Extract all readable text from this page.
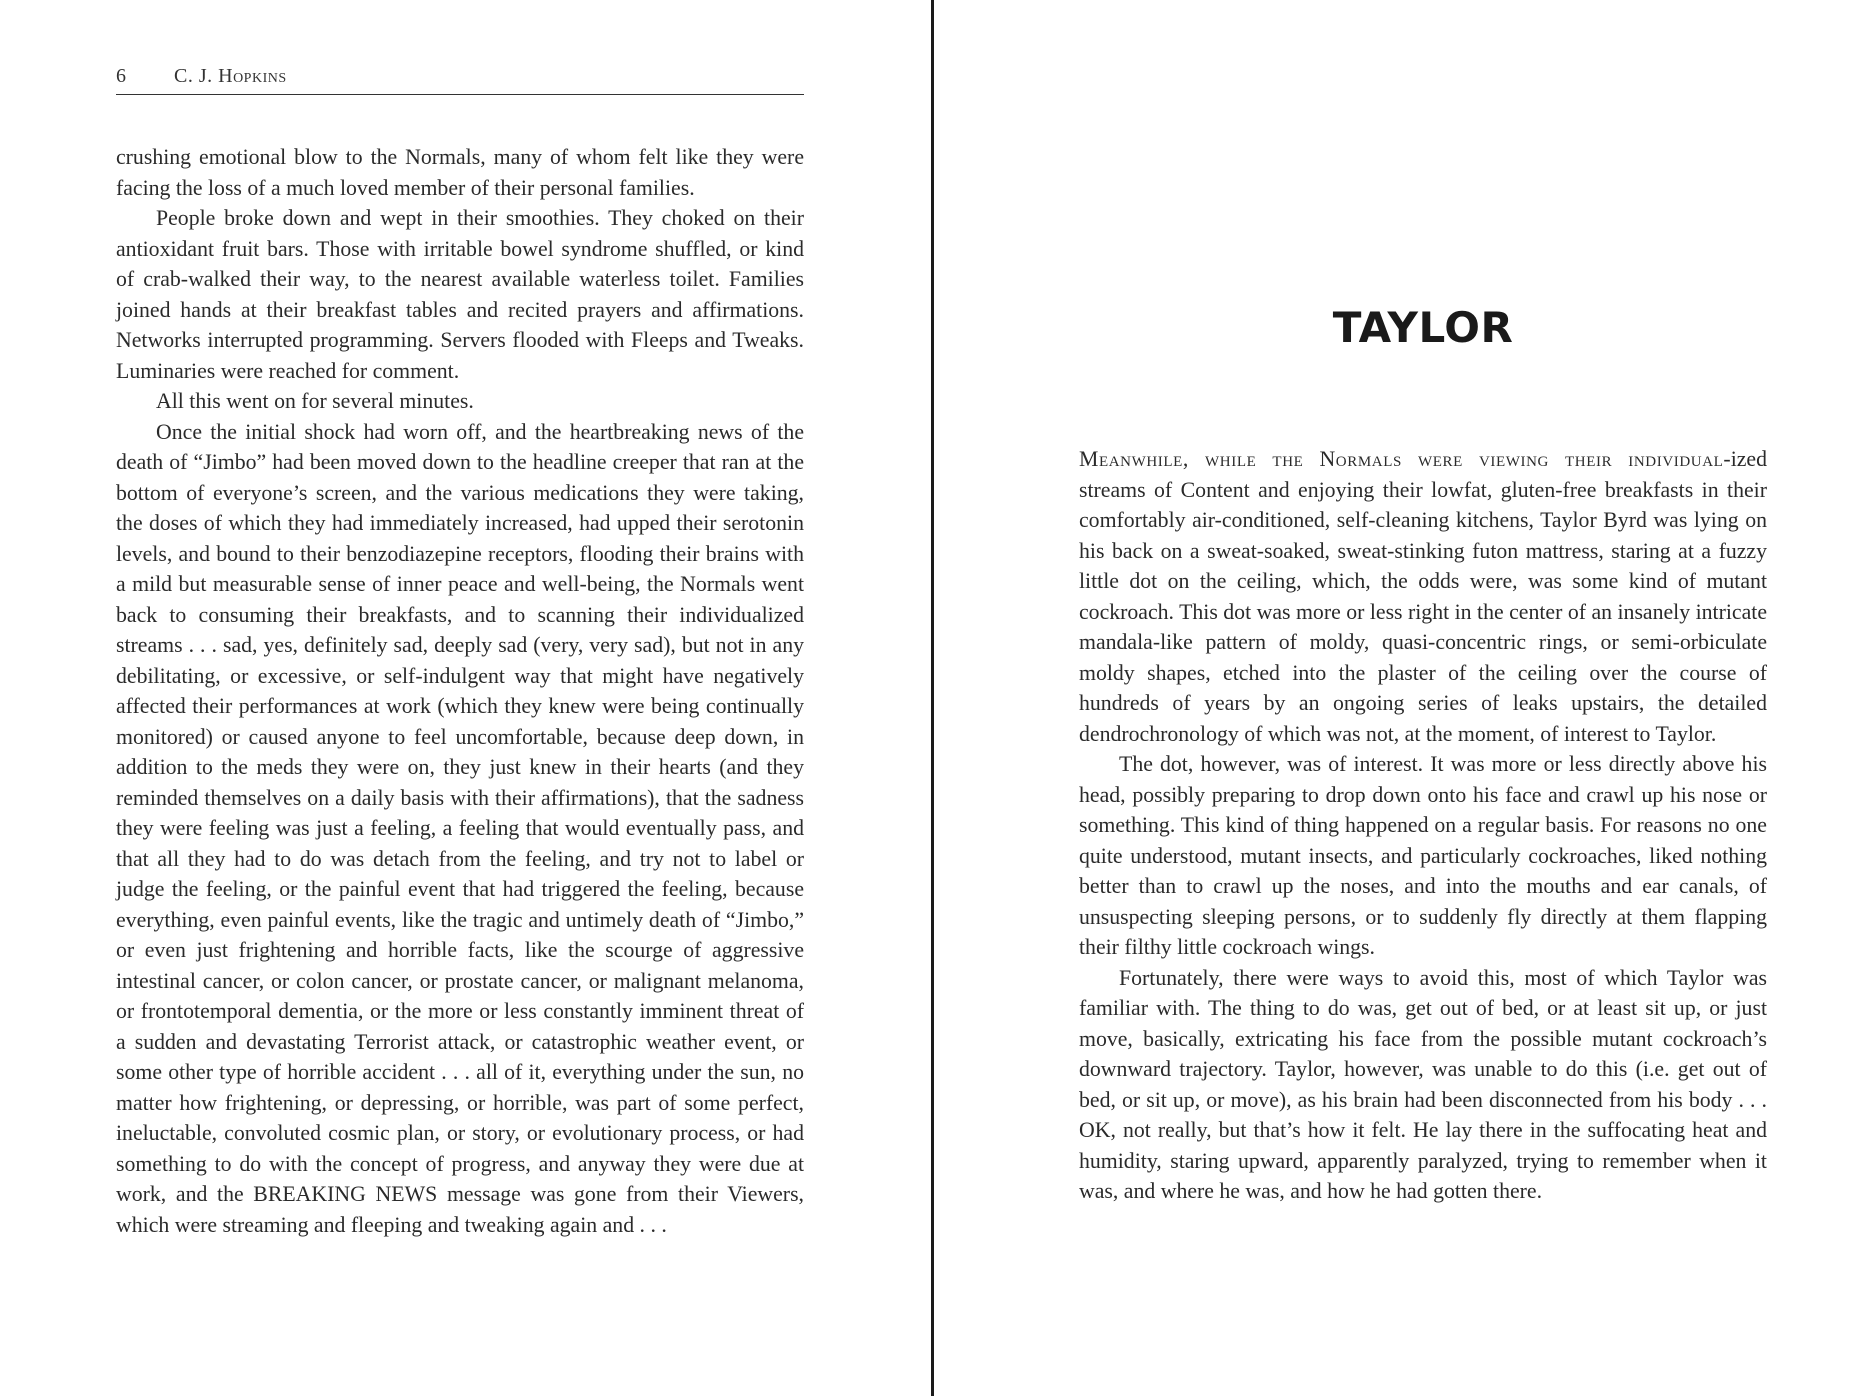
6 C. J. Hopkins

crushing emotional blow to the Normals, many of whom felt like they were facing the loss of a much loved member of their personal families.

People broke down and wept in their smoothies. They choked on their antioxidant fruit bars. Those with irritable bowel syndrome shuffled, or kind of crab-walked their way, to the nearest available waterless toilet. Families joined hands at their breakfast tables and recited prayers and affirmations. Networks interrupted programming. Servers flooded with Fleeps and Tweaks. Luminaries were reached for comment.

All this went on for several minutes.

Once the initial shock had worn off, and the heartbreaking news of the death of “Jimbo” had been moved down to the headline creeper that ran at the bottom of everyone’s screen, and the various medications they were taking, the doses of which they had immediately increased, had upped their serotonin levels, and bound to their benzodiazepine receptors, flooding their brains with a mild but measurable sense of inner peace and well-being, the Normals went back to consuming their breakfasts, and to scanning their individualized streams . . . sad, yes, definitely sad, deeply sad (very, very sad), but not in any debilitating, or excessive, or self-indulgent way that might have negatively affected their performances at work (which they knew were being continually monitored) or caused anyone to feel uncomfortable, because deep down, in addition to the meds they were on, they just knew in their hearts (and they reminded themselves on a daily basis with their affirmations), that the sadness they were feeling was just a feeling, a feeling that would eventually pass, and that all they had to do was detach from the feeling, and try not to label or judge the feeling, or the painful event that had triggered the feeling, because everything, even painful events, like the tragic and untimely death of “Jimbo,” or even just frightening and horrible facts, like the scourge of aggressive intestinal cancer, or colon cancer, or prostate cancer, or malignant melanoma, or frontotemporal dementia, or the more or less constantly imminent threat of a sudden and devastating Terrorist attack, or catastrophic weather event, or some other type of horrible accident . . . all of it, everything under the sun, no matter how frightening, or depressing, or horrible, was part of some perfect, ineluctable, convoluted cosmic plan, or story, or evolutionary process, or had something to do with the concept of progress, and anyway they were due at work, and the BREAKING NEWS message was gone from their Viewers, which were streaming and fleeping and tweaking again and . . .

TAYLOR

Meanwhile, while the Normals were viewing their individual-ized streams of Content and enjoying their lowfat, gluten-free breakfasts in their comfortably air-conditioned, self-cleaning kitchens, Taylor Byrd was lying on his back on a sweat-soaked, sweat-stinking futon mattress, staring at a fuzzy little dot on the ceiling, which, the odds were, was some kind of mutant cockroach. This dot was more or less right in the center of an insanely intricate mandala-like pattern of moldy, quasi-concentric rings, or semi-orbiculate moldy shapes, etched into the plaster of the ceiling over the course of hundreds of years by an ongoing series of leaks upstairs, the detailed dendrochronology of which was not, at the moment, of interest to Taylor.

The dot, however, was of interest. It was more or less directly above his head, possibly preparing to drop down onto his face and crawl up his nose or something. This kind of thing happened on a regular basis. For reasons no one quite understood, mutant insects, and particularly cockroaches, liked nothing better than to crawl up the noses, and into the mouths and ear canals, of unsuspecting sleeping persons, or to suddenly fly directly at them flapping their filthy little cockroach wings.

Fortunately, there were ways to avoid this, most of which Taylor was familiar with. The thing to do was, get out of bed, or at least sit up, or just move, basically, extricating his face from the possible mutant cockroach’s downward trajectory. Taylor, however, was unable to do this (i.e. get out of bed, or sit up, or move), as his brain had been disconnected from his body . . . OK, not really, but that’s how it felt. He lay there in the suffocating heat and humidity, staring upward, apparently paralyzed, trying to remember when it was, and where he was, and how he had gotten there.
